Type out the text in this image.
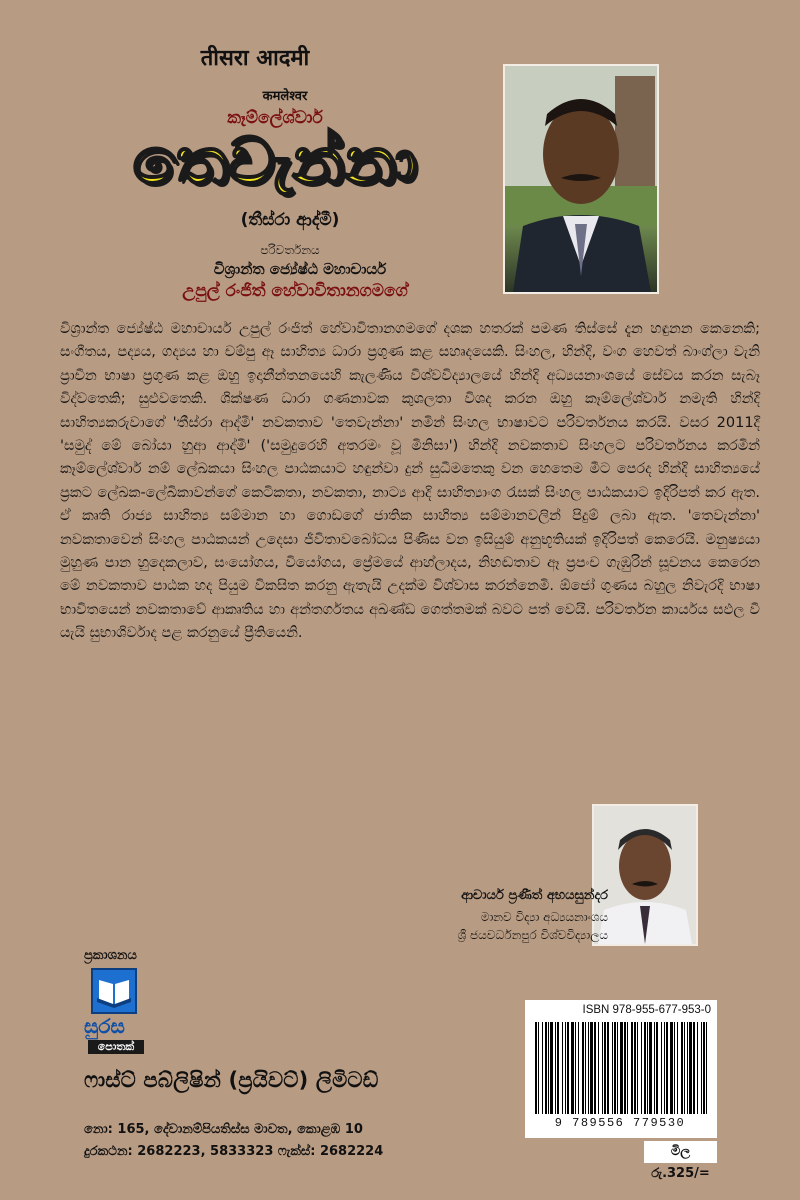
तीसरा आदमी
कमलेश्वर
කෑම්ලේශ්වාර්
තෙවැන්නා
(තීස්රා ආද්මී)
පරිවර්තනය
විශ්‍රාන්ත ජ්‍යේෂ්ඨ මහාචාර්ය
උපුල් රංජිත් හේවාවිතානගමගේ
විශ්‍රාන්ත ජ්‍යේෂ්ඨ මහාචාර්ය උපුල් රංජිත් හේවාවිතානගමගේ දශක හතරක් පමණ තිස්සේ දැන හඳුනන කෙනෙකි; සංගීතය, පද්‍යය, ගද්‍යය හා චම්පු ඈ සාහිත්‍ය ධාරා ප්‍රගුණ කළ සහෘදයෙකි. සිංහල, හින්දි, වංග හෙවත් බාංග්ලා වැනි ප්‍රාචීන භාෂා ප්‍රගුණ කළ ඔහු ඉදානීන්තනයෙහි කැලණිය විශ්වවිද්‍යාලයේ හින්දි අධ්‍යයනාංශයේ සේවය කරන සැබෑ විද්වතෙකි; සුළුවතෙකි. ශික්ෂණ ධාරා ගණනාවක කුශලතා විශද කරන ඔහු කෑම්ලේශ්වාර් නමැති හින්දි සාහිත්‍යකරුවාගේ 'තීස්රා ආද්මී' නවකතාව 'තෙවැන්නා' නමින් සිංහල භාෂාවට පරිවර්තනය කරයි. වසර 2011දී 'සමුද් මේ බෝයා හුආ ආද්මී' ('සමුදුරෙහි අතරමං වූ මිනිසා') හින්දි නවකතාව සිංහලට පරිවර්තනය කරමින් කෑම්ලේශ්වාර් නම් ලේඛකයා සිංහල පාඨකයාට හඳුන්වා දුන් සුධීමතෙකු වන හෙතෙම මීට පෙරද හින්දි සාහිත්‍යයේ ප්‍රකට ලේඛක-ලේඛිකාවන්ගේ කෙටිකතා, නවකතා, නාට්‍ය ආදි සාහිත්‍යාංග රැසක් සිංහල පාඨකයාට ඉදිරිපත් කර ඇත. ඒ කෘති රාජ්‍ය සාහිත්‍ය සම්මාන හා ගොඩගේ ජාතික සාහිත්‍ය සම්මානවලින් පිදුම් ලබා ඇත. 'තෙවැන්නා' නවකතාවෙන් සිංහල පාඨකයන් උදෙසා ජීවිතාවබෝධය පිණිස වන ඉසියුම් අනුභූතියක් ඉදිරිපත් කෙරෙයි. මනුෂ්‍යයා මුහුණ පාන හුදෙකලාව, සංයෝගය, වියෝගය, ප්‍රේමයේ ආහ්ලාදය, නිහඬතාව ඈ ප්‍රපංච ගැඹුරින් සූචනය කෙරෙන මේ නවකතාව පාඨක හද පියුම විකසිත කරනු ඇතැයි උදක්ම විශ්වාස කරන්නෙමි. ඕජෝ ගුණය බහුල නිවැරදි භාෂා භාවිතයෙන් නවකතාවේ ආකෘතිය හා අන්තර්ගතය අඛණ්ඩ ගෙත්තමක් බවට පත් වෙයි. පරිවර්තන කාර්යය සඵල වී යැයි සුභාශිර්වාද පළ කරනුයේ ප්‍රීතියෙනි.
ආචාර්ය ප්‍රණීත් අභයසුන්දර
මානව විද්‍යා අධ්‍යයනාංශය
ශ්‍රී ජයවර්ධනපුර විශ්වවිද්‍යාලය
ප්‍රකාශනය
සුරස
පොතක්
ෆාස්ට් පබ්ලිෂින් (ප්‍රයිවට්) ලිමිටඩ්
නො: 165, දේවානම්පියතිස්ස මාවත, කොළඹ 10
දුරකථන: 2682223, 5833323 ෆැක්ස්: 2682224
ISBN 978-955-677-953-0
9 789556 779530
මිල රු.325/=
